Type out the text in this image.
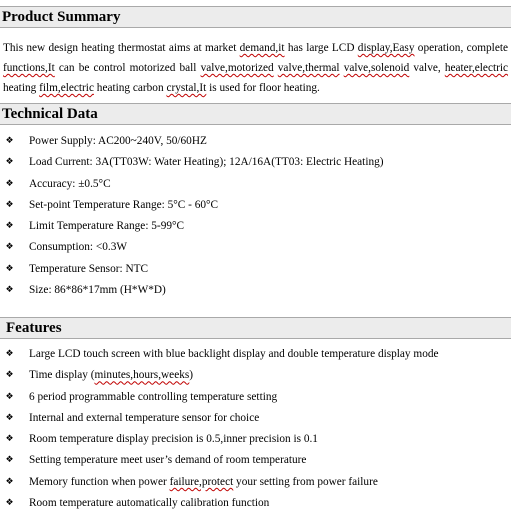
Product Summary
This new design heating thermostat aims at market demand,it has large LCD display,Easy operation, complete functions,It can be control motorized ball valve,motorized valve,thermal valve,solenoid valve, heater,electric heating film,electric heating carbon crystal,It is used for floor heating.
Technical Data
❖ Power Supply: AC200~240V, 50/60HZ
❖ Load Current: 3A(TT03W: Water Heating); 12A/16A(TT03: Electric Heating)
❖ Accuracy: ±0.5°C
❖ Set-point Temperature Range: 5°C - 60°C
❖ Limit Temperature Range: 5-99°C
❖ Consumption: <0.3W
❖ Temperature Sensor: NTC
❖ Size: 86*86*17mm (H*W*D)
Features
❖ Large LCD touch screen with blue backlight display and double temperature display mode
❖ Time display (minutes,hours,weeks)
❖ 6 period programmable controlling temperature setting
❖ Internal and external temperature sensor for choice
❖ Room temperature display precision is 0.5,inner precision is 0.1
❖ Setting temperature meet user’s demand of room temperature
❖ Memory function when power failure,protect your setting from power failure
❖ Room temperature automatically calibration function
